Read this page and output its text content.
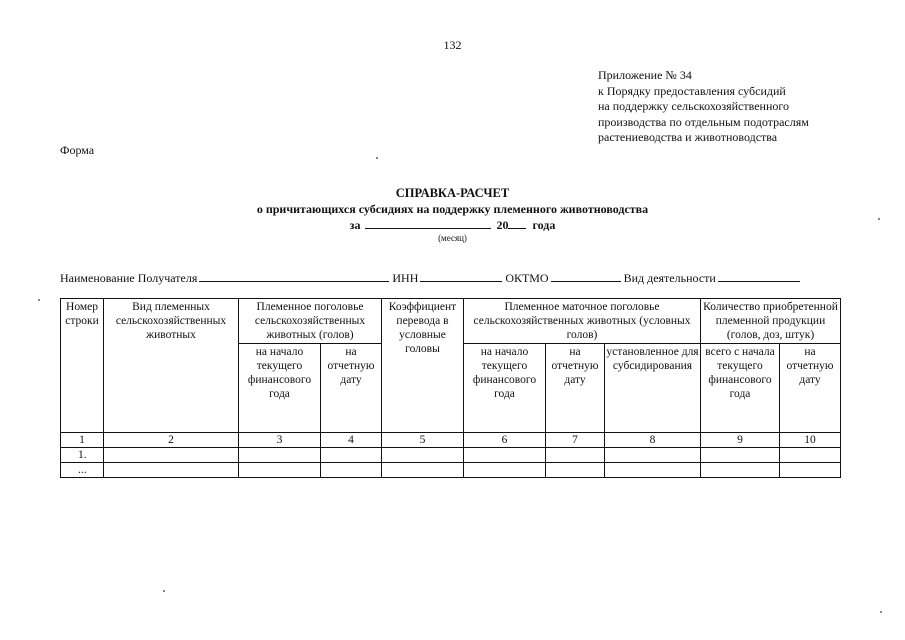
132
Приложение № 34
к Порядку предоставления субсидий
на поддержку сельскохозяйственного
производства по отдельным подотраслям
растениеводства и животноводства
Форма
СПРАВКА-РАСЧЕТ
о причитающихся субсидиях на поддержку племенного животноводства
за	20 года
(месяц)
Наименование Получателя	ИНН	ОКТМО	Вид деятельности
Номер строки	Вид племенных сельскохозяйственных животных	Племенное поголовье сельскохозяйственных животных (голов)		Коэффициент перевода в условные головы	Племенное маточное поголовье сельскохозяйственных животных (условных голов)			Количество приобретенной племенной продукции (голов, доз, штук)	
		на начало текущего финансового года	на отчетную дату		на начало текущего финансового года	на отчетную дату	установленное для субсидирования	всего с начала текущего финансового года	на отчетную дату
1	2	3	4	5	6	7	8	9	10
1.									
...									
